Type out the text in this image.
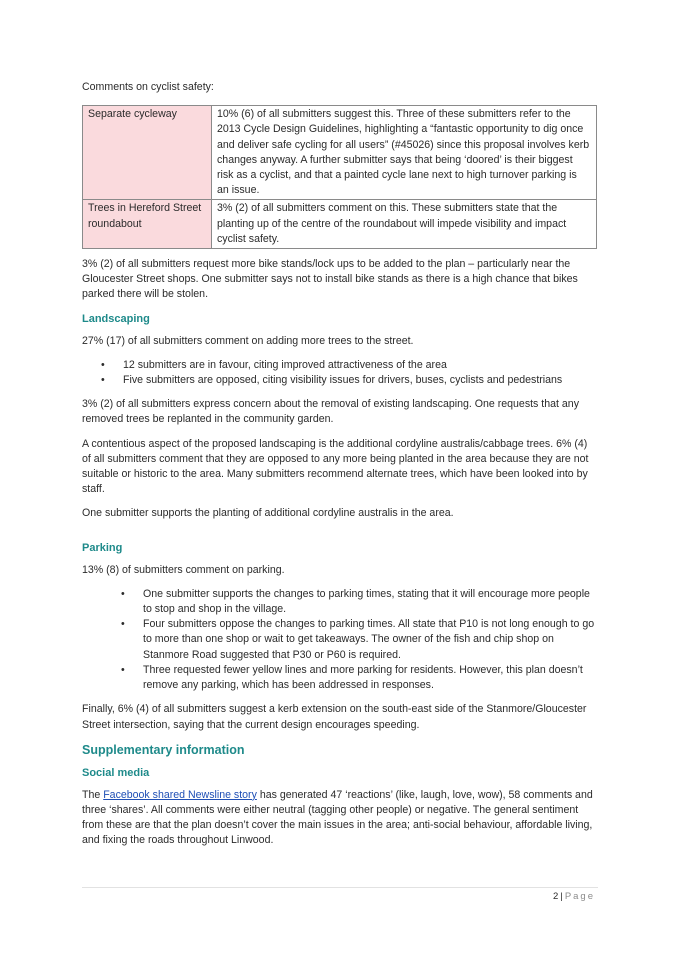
Comments on cyclist safety:

Separate cycleway	10% (6) of all submitters suggest this. Three of these submitters refer to the 2013 Cycle Design Guidelines, highlighting a “fantastic opportunity to dig once and deliver safe cycling for all users” (#45026) since this proposal involves kerb changes anyway. A further submitter says that being ‘doored’ is their biggest risk as a cyclist, and that a painted cycle lane next to high turnover parking is an issue.
Trees in Hereford Street roundabout	3% (2) of all submitters comment on this. These submitters state that the planting up of the centre of the roundabout will impede visibility and impact cyclist safety.

3% (2) of all submitters request more bike stands/lock ups to be added to the plan – particularly near the Gloucester Street shops. One submitter says not to install bike stands as there is a high chance that bikes parked there will be stolen.

Landscaping

27% (17) of all submitters comment on adding more trees to the street.

• 12 submitters are in favour, citing improved attractiveness of the area
• Five submitters are opposed, citing visibility issues for drivers, buses, cyclists and pedestrians

3% (2) of all submitters express concern about the removal of existing landscaping. One requests that any removed trees be replanted in the community garden.

A contentious aspect of the proposed landscaping is the additional cordyline australis/cabbage trees. 6% (4) of all submitters comment that they are opposed to any more being planted in the area because they are not suitable or historic to the area. Many submitters recommend alternate trees, which have been looked into by staff.

One submitter supports the planting of additional cordyline australis in the area.

Parking

13% (8) of submitters comment on parking.

• One submitter supports the changes to parking times, stating that it will encourage more people to stop and shop in the village.
• Four submitters oppose the changes to parking times. All state that P10 is not long enough to go to more than one shop or wait to get takeaways. The owner of the fish and chip shop on Stanmore Road suggested that P30 or P60 is required.
• Three requested fewer yellow lines and more parking for residents. However, this plan doesn’t remove any parking, which has been addressed in responses.

Finally, 6% (4) of all submitters suggest a kerb extension on the south-east side of the Stanmore/Gloucester Street intersection, saying that the current design encourages speeding.

Supplementary information
Social media

The Facebook shared Newsline story has generated 47 ‘reactions’ (like, laugh, love, wow), 58 comments and three ‘shares’. All comments were either neutral (tagging other people) or negative. The general sentiment from these are that the plan doesn’t cover the main issues in the area; anti-social behaviour, affordable living, and fixing the roads throughout Linwood.

2 | Page
